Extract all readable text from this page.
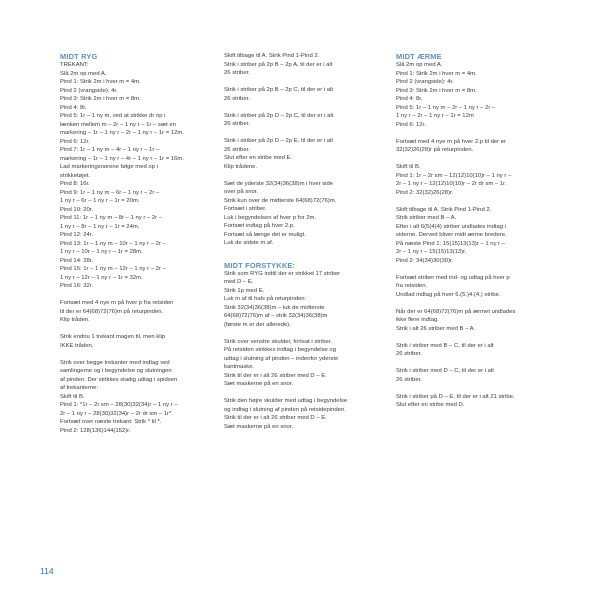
MIDT RYG
TREKANT:
Slå 2m op med A.
Pind 1: Strik 2m i hver m = 4m.
Pind 2 (vrangside): 4r.
Pind 3: Strik 2m i hver m = 8m.
Pind 4: 8r.
Pind 5: 1r – 1 ny m, ved at strikke dr op i
lænken mellem m – 2r – 1 ny r – 1r – sæt en
markering – 1r – 1 ny r – 2r – 1 ny r – 1r = 12m.
Pind 6: 12r.
Pind 7: 1r – 1 ny m – 4r – 1 ny r – 1r –
markering – 1r – 1 ny r – 4r – 1 ny r – 1r = 16m.
Lad markeringsnorene følge med op i
strikketøjet.
Pind 8: 16r.
Pind 9: 1r – 1 ny m – 6r – 1 ny r – 2r –
1 ny r – 6r – 1 ny r – 1r = 20m.
Pind 10: 20r.
Pind 11: 1r – 1 ny m – 8r – 1 ny r – 2r –
1 ny r – 8r – 1 ny r – 1r = 24m.
Pind 12: 24r.
Pind 13: 1r – 1 ny m – 10r – 1 ny r – 2r –
1 ny r – 10r – 1 ny r – 1r = 28m.
Pind 14: 28r.
Pind 15: 1r – 1 ny m – 12r – 1 ny r – 2r –
1 ny r – 12r – 1 ny r – 1r = 32m.
Pind 16: 32r.
Fortsæt med 4 nye m på hver p fra retsiden
til der er 64(68)72(76)m på returpinden.
Klip tråden.
Strik endnu 1 trekant magen til, men klip
IKKE tråden.
Strik over begge trekanter med indtag ved
samlingerne og i begyndelse og slutningen
af pinden. Der strikkes stadig udtag i spidsen
af trekanterne:
Skift til B.
Pind 1: *1r – 2r sm – 28(30)32(34)r – 1 ny r –
2r – 1 ny r – 28(30)32(34)r – 2r dr sm – 1r*.
Fortsæt over næste trekant: Strik * til *.
Pind 2: 128(136)144(152)r.
Skift tilbage til A. Strik Pind 1-Pind 2.
Strik i striber på 2p B – 2p A, til der er i alt
26 striber.
Strik i striber på 2p B – 2p C, til der er i alt
26 striber.
Strik i striber på 2p D – 2p C, til der er i alt
26 striber.
Strik i striber på 2p D – 2p E, til der er i alt
26 striber.
Slut efter en stribe med E.
Klip trådene.
Sæt de yderste 32(34)36(38)m i hver side
over på snor.
Strik kun over de midterste 64(68)72(76)m.
Fortsæt i striber.
Luk i begyndelsen af hver p for 2m.
Fortsæt indtag på hver 2.p.
Fortsæt så længe det er muligt.
Luk de sidste m af.
MIDT FORSTYKKE:
Strik som RYG indtil der er strikket 17 striber
med D – E.
Strik 1p med E.
Luk m af til hals på returpinden:
Strik 32(34)36(38)m – luk de midterste
64(68)72(76)m af – strik 32(34)36(38)m
(første m er der allerede).
Strik over venstre skulder, fortsat i striber.
På retsiden strikkes indtag i begyndelse og
udtag i slutning af pinden – indenfor yderste
kantmaske.
Strik til der er i alt 26 striber med D – E.
Sæt maskerne på en snor.
Strik den højre skulder med udtag i begyndelse
og indtag i slutning af pinden på retsidepinden.
Strik til der er i alt 26 striber med D – E.
Sæt maskerne på en snor.
MIDT ÆRME
Slå 2m op med A.
Pind 1: Strik 2m i hver m = 4m.
Pind 2 (vrangside): 4r.
Pind 3: Strik 2m i hver m = 8m.
Pind 4: 8r.
Pind 5: 1r – 1 ny m – 2r – 1 ny r – 2r –
1 ny r – 2r – 1 ny r – 1r = 12m
Pind 6: 12r.
Fortsæt med 4 nye m på hver 2.p til der er
32(32)26(28)r på returpinden.
Skift til B.
Pind 1: 1r – 2r sm – 12(12)10(10)r – 1 ny r –
2r – 1 ny r – 12(12)10(10)r – 2r dr sm – 1r.
Pind 2: 32(32)26(28)r.
Skift tilbage til A. Strik Pind 1-Pind 2.
Strik striber med B – A.
Efter i alt 6(5(4(4) striber undlades indtag i
siderne. Derved bliver midt ærme bredere.
På næste Pind 1: 15(15)13(13)r – 1 ny r –
2r – 1 ny r – 15(15)13(13)r.
Pind 2: 34(34)30(30)r.
Fortsæt striber med ind- og udtag på hver p
fra retsiden.
Undlad indtag på hver 6.(5.)4.(4.) stribe.
Når der er 64(68)72(76)m på ærmet undlades
ikke flere indtag.
Strik i alt 26 striber med B – A.
Strik i striber med B – C, til der er i alt
26 striber.
Strik i striber med D – C, til der er i alt
26 striber.
Strik i striber på D – E, til der er i alt 21 stribe.
Slut efter en stribe med D.
114
